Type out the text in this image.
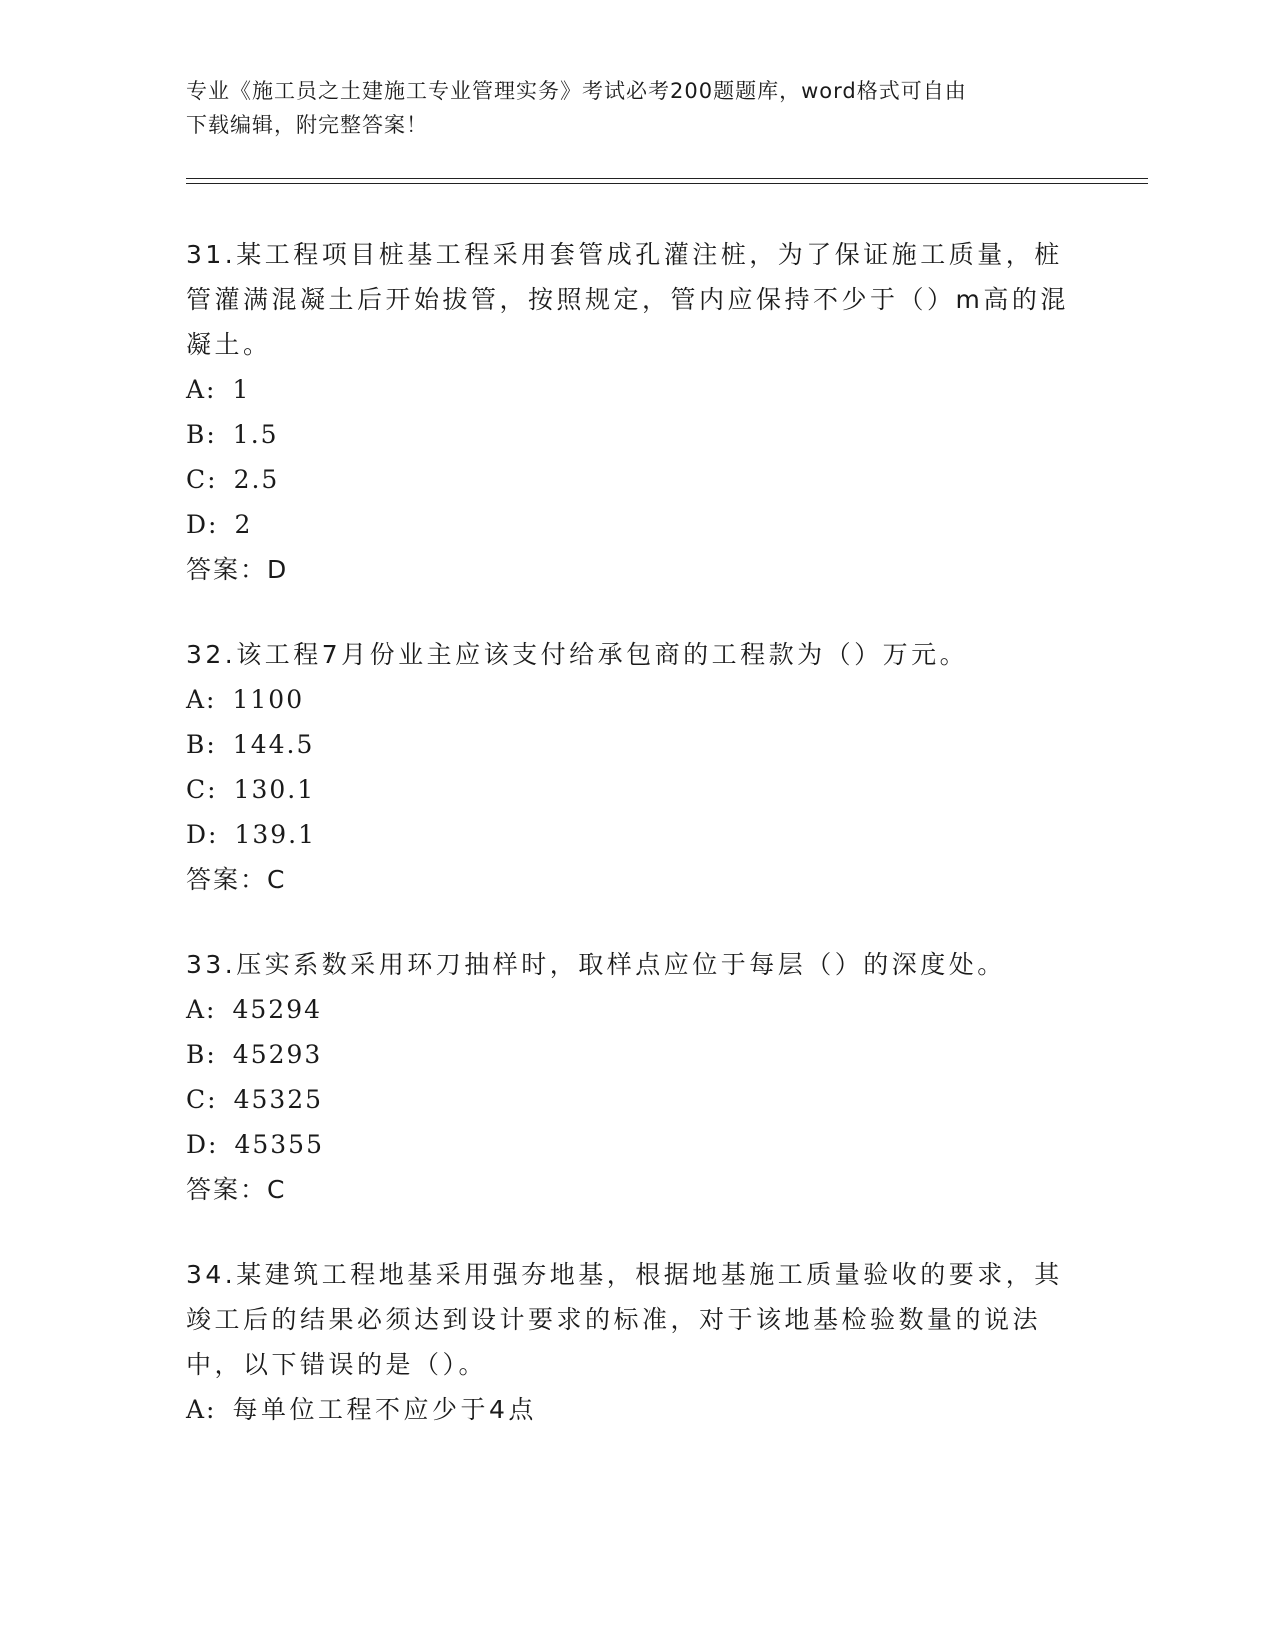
专业《施工员之土建施工专业管理实务》考试必考200题题库，word格式可自由
下载编辑，附完整答案！
31.某工程项目桩基工程采用套管成孔灌注桩，为了保证施工质量，桩管灌满混凝土后开始拔管，按照规定，管内应保持不少于（）m高的混凝土。
A: 1
B: 1.5
C: 2.5
D: 2
答案：D
32.该工程7月份业主应该支付给承包商的工程款为（）万元。
A: 1100
B: 144.5
C: 130.1
D: 139.1
答案：C
33.压实系数采用环刀抽样时，取样点应位于每层（）的深度处。
A: 45294
B: 45293
C: 45325
D: 45355
答案：C
34.某建筑工程地基采用强夯地基，根据地基施工质量验收的要求，其竣工后的结果必须达到设计要求的标准，对于该地基检验数量的说法中，以下错误的是（）。
A: 每单位工程不应少于4点
